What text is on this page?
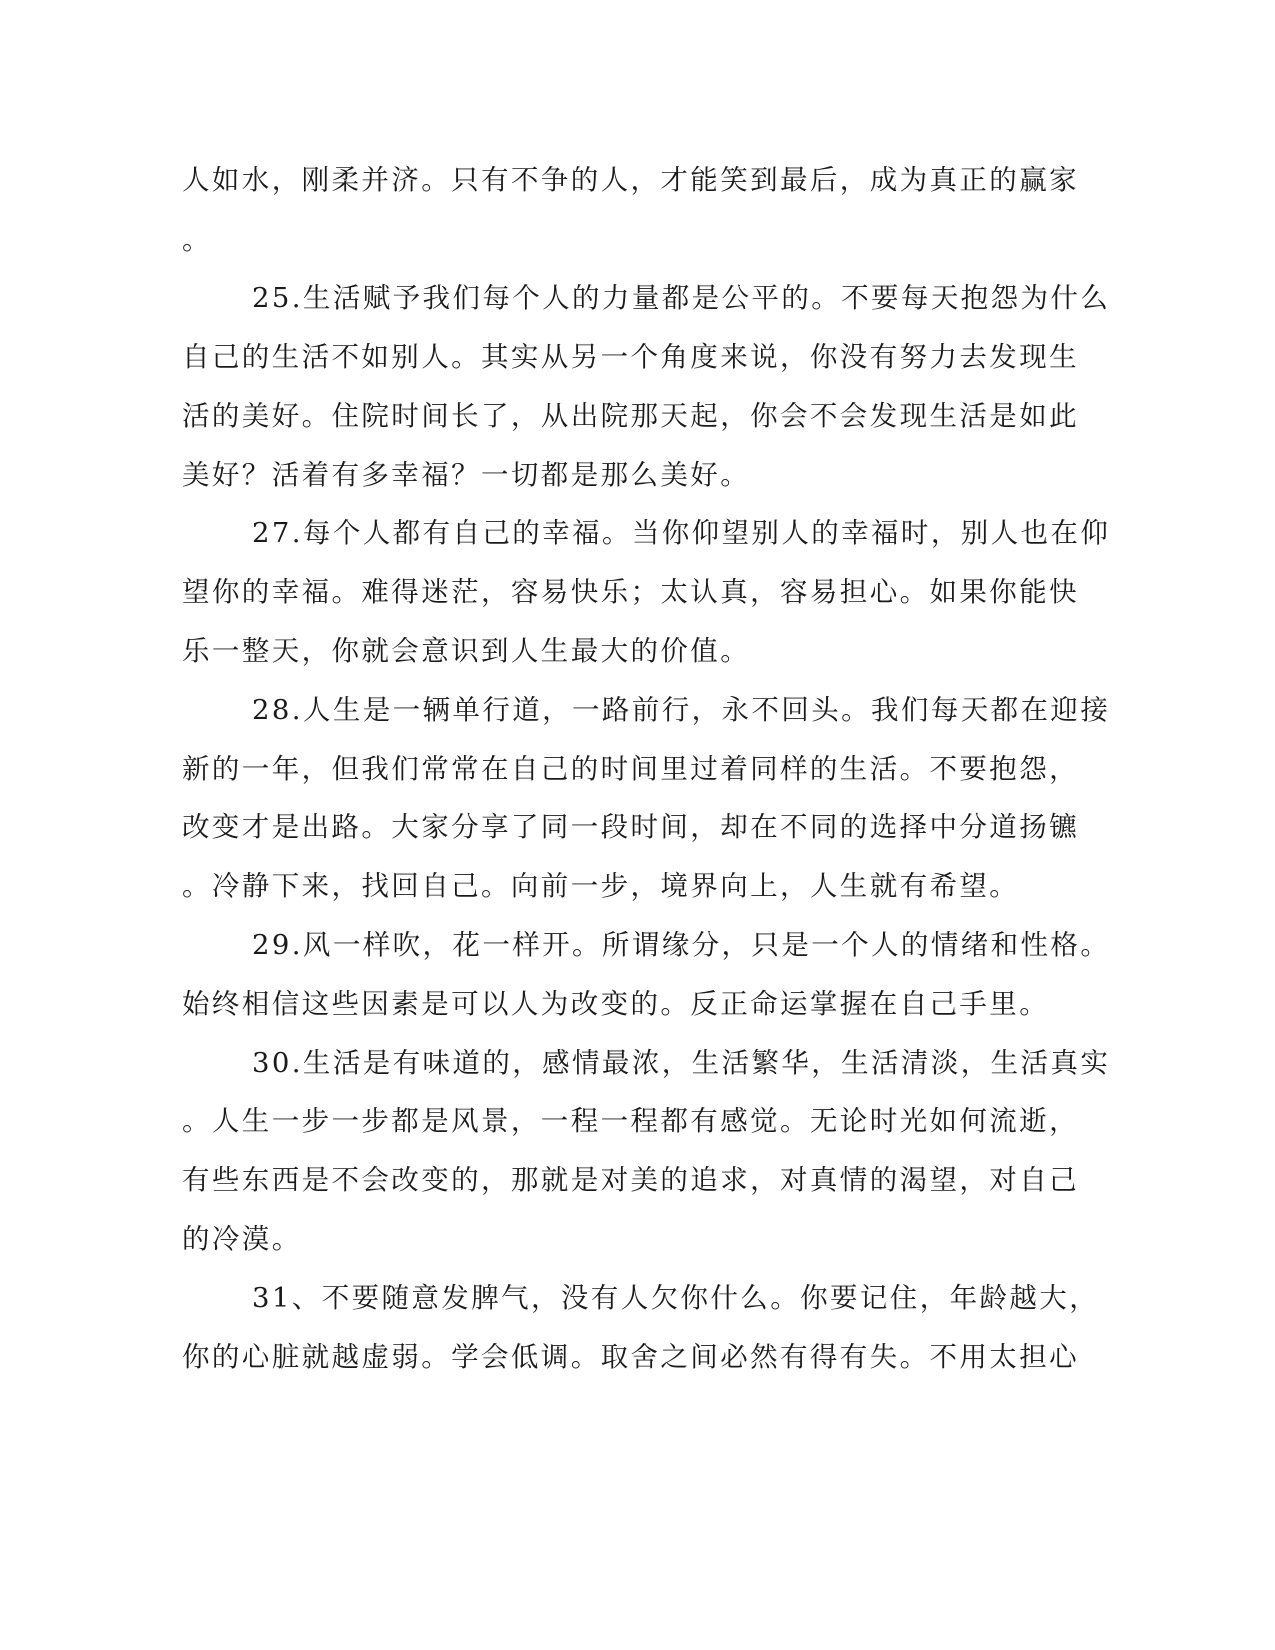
人如水，刚柔并济。只有不争的人，才能笑到最后，成为真正的赢家
。
25.生活赋予我们每个人的力量都是公平的。不要每天抱怨为什么
自己的生活不如别人。其实从另一个角度来说，你没有努力去发现生
活的美好。住院时间长了，从出院那天起，你会不会发现生活是如此
美好？活着有多幸福？一切都是那么美好。
27.每个人都有自己的幸福。当你仰望别人的幸福时，别人也在仰
望你的幸福。难得迷茫，容易快乐；太认真，容易担心。如果你能快
乐一整天，你就会意识到人生最大的价值。
28.人生是一辆单行道，一路前行，永不回头。我们每天都在迎接
新的一年，但我们常常在自己的时间里过着同样的生活。不要抱怨，
改变才是出路。大家分享了同一段时间，却在不同的选择中分道扬镳
。冷静下来，找回自己。向前一步，境界向上，人生就有希望。
29.风一样吹，花一样开。所谓缘分，只是一个人的情绪和性格。
始终相信这些因素是可以人为改变的。反正命运掌握在自己手里。
30.生活是有味道的，感情最浓，生活繁华，生活清淡，生活真实
。人生一步一步都是风景，一程一程都有感觉。无论时光如何流逝，
有些东西是不会改变的，那就是对美的追求，对真情的渴望，对自己
的冷漠。
31、不要随意发脾气，没有人欠你什么。你要记住，年龄越大，
你的心脏就越虚弱。学会低调。取舍之间必然有得有失。不用太担心
